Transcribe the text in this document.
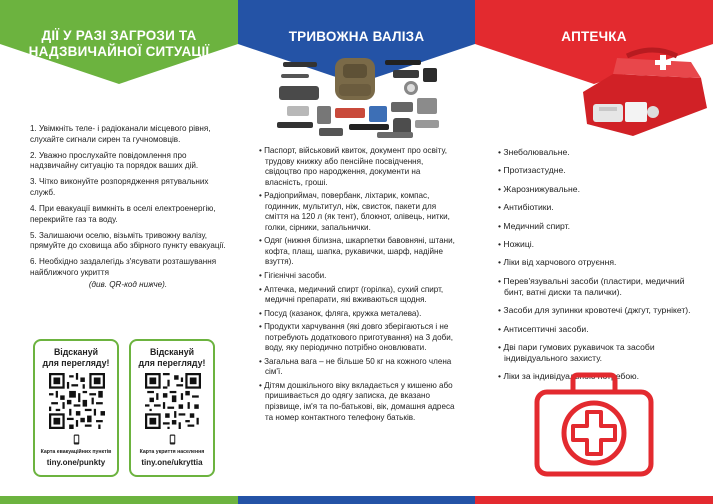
ДІЇ У РАЗІ ЗАГРОЗИ ТА
НАДЗВИЧАЙНОЇ СИТУАЦІЇ

1. Увімкніть теле- і радіоканали місцевого рівня, слухайте сигнали сирен та гучномовців.

2. Уважно прослухайте повідомлення про надзвичайну ситуацію та порядок ваших дій.

3. Чітко виконуйте розпорядження рятувальних служб.

4. При евакуації вимкніть в оселі електроенергію, перекрийте газ та воду.

5. Залишаючи оселю, візьміть тривожну валізу, прямуйте до сховища або збірного пункту евакуації.

6. Необхідно заздалегідь з'ясувати розташування найближчого укриття

(див. QR-код нижче).

Відскануй
для перегляду!
Карта евакуаційних пунктів
tiny.one/punkty
Відскануй
для перегляду!
Карта укриття населення
tiny.one/ukryttia
ТРИВОЖНА ВАЛІЗА
• Паспорт, військовий квиток, документ про освіту, трудову книжку або пенсійне посвідчення, свідоцтво про народження, документи на власність, гроші.
• Радіоприймач, повербанк, ліхтарик, компас, годинник, мультитул, ніж, свисток, пакети для сміття на 120 л (як тент), блокнот, олівець, нитки, голки, сірники, запальнички.
• Одяг (нижня білизна, шкарпетки бавовняні, штани, кофта, плащ, шапка, рукавички, шарф, надійне взуття).
• Гігієнічні засоби.
• Аптечка, медичний спирт (горілка), сухий спирт, медичні препарати, які вживаються щодня.
• Посуд (казанок, фляга, кружка металева).
• Продукти харчування (які довго зберігаються і не потребують додаткового приготування) на 3 доби, воду, яку періодично потрібно оновлювати.
• Загальна вага – не більше 50 кг на кожного члена сім'ї.
• Дітям дошкільного віку вкладається у кишеню або пришивається до одягу записка, де вказано прізвище, ім'я та по-батькові, вік, домашня адреса та номер контактного телефону батьків.
АПТЕЧКА
• Знеболювальне.
• Протизастудне.
• Жарознижувальне.
• Антибіотики.
• Медичний спирт.
• Ножиці.
• Ліки від харчового отруєння.
• Перев'язувальні засоби (пластири, медичний бинт, ватні диски та палички).
• Засоби для зупинки кровотечі (джгут, турнікет).
• Антисептичні засоби.
• Дві пари гумових рукавичок та засоби індивідуального захисту.
• Ліки за індивідуальною потребою.
